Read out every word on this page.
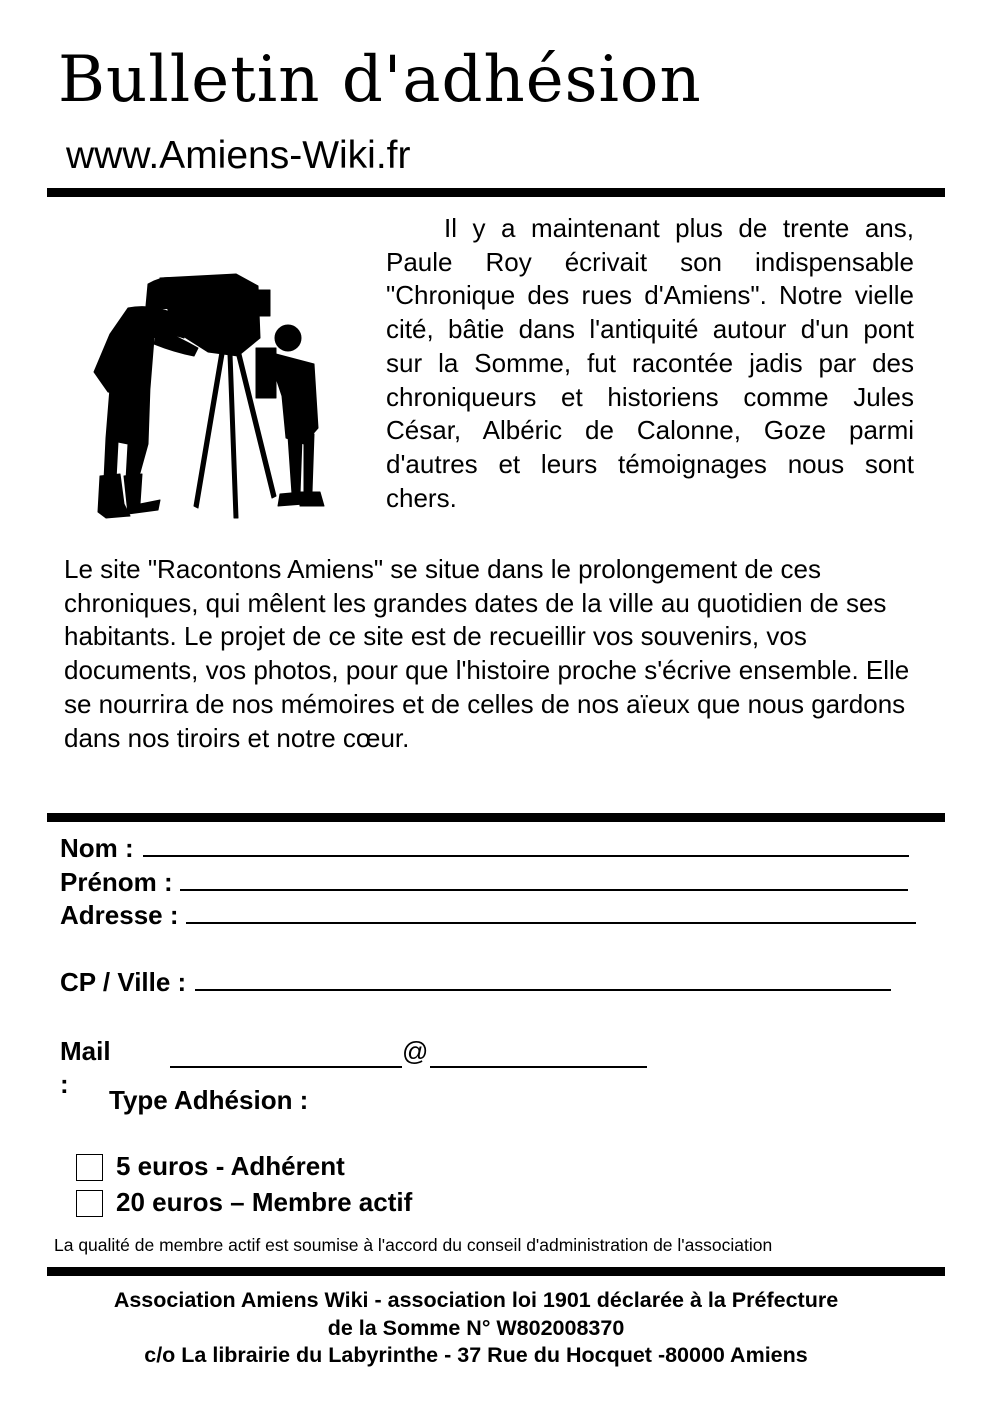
Bulletin d'adhésion
www.Amiens-Wiki.fr

Il y a maintenant plus de trente ans, Paule Roy écrivait son indispensable "Chronique des rues d'Amiens". Notre vielle cité, bâtie dans l'antiquité autour d'un pont sur la Somme, fut racontée jadis par des chroniqueurs et historiens comme Jules César, Albéric de Calonne, Goze parmi d'autres et leurs témoignages nous sont chers.

Le site "Racontons Amiens" se situe dans le prolongement de ces chroniques, qui mêlent les grandes dates de la ville au quotidien de ses habitants. Le projet de ce site est de recueillir vos souvenirs, vos documents, vos photos, pour que l'histoire proche s'écrive ensemble. Elle se nourrira de nos mémoires et de celles de nos aïeux que nous gardons dans nos tiroirs et notre cœur.

Nom :
Prénom :
Adresse :
CP / Ville :
Mail :
@
Type Adhésion :
5 euros - Adhérent
20 euros – Membre actif
La qualité de membre actif est soumise à l'accord du conseil d'administration de l'association
Association Amiens Wiki - association loi 1901 déclarée à la Préfecture
de la Somme N° W802008370
c/o La librairie du Labyrinthe - 37 Rue du Hocquet -80000 Amiens
